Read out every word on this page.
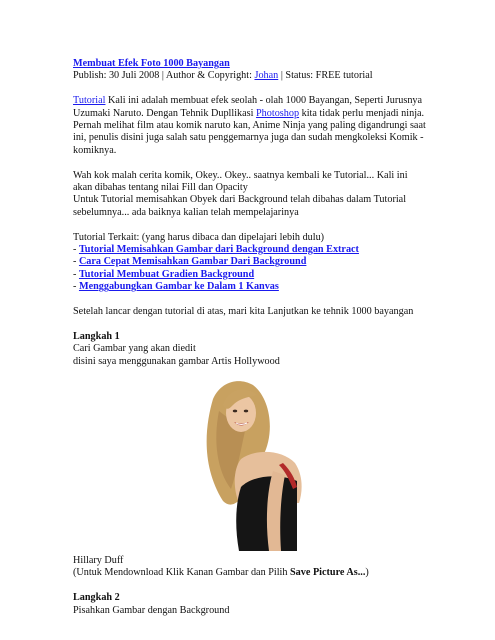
Membuat Efek Foto 1000 Bayangan
Publish: 30 Juli 2008 | Author & Copyright: Johan | Status: FREE tutorial

Tutorial Kali ini adalah membuat efek seolah - olah 1000 Bayangan, Seperti Jurusnya Uzumaki Naruto. Dengan Tehnik Dupllikasi Photoshop kita tidak perlu menjadi ninja. Pernah melihat film atau komik naruto kan, Anime Ninja yang paling digandrungi saat ini, penulis disini juga salah satu penggemarnya juga dan sudah mengkoleksi Komik - komiknya.

Wah kok malah cerita komik, Okey.. Okey.. saatnya kembali ke Tutorial... Kali ini akan dibahas tentang nilai Fill dan Opacity

Untuk Tutorial memisahkan Obyek dari Background telah dibahas dalam Tutorial sebelumnya... ada baiknya kalian telah mempelajarinya

Tutorial Terkait: (yang harus dibaca dan dipelajari lebih dulu)
- Tutorial Memisahkan Gambar dari Background dengan Extract
- Cara Cepat Memisahkan Gambar Dari Background
- Tutorial Membuat Gradien Background
- Menggabungkan Gambar ke Dalam 1 Kanvas
Setelah lancar dengan tutorial di atas, mari kita Lanjutkan ke tehnik 1000 bayangan
Langkah 1
Cari Gambar yang akan diedit
disini saya menggunakan gambar Artis Hollywood
Hillary Duff
(Untuk Mendownload Klik Kanan Gambar dan Pilih Save Picture As...)
Langkah 2
Pisahkan Gambar dengan Background
